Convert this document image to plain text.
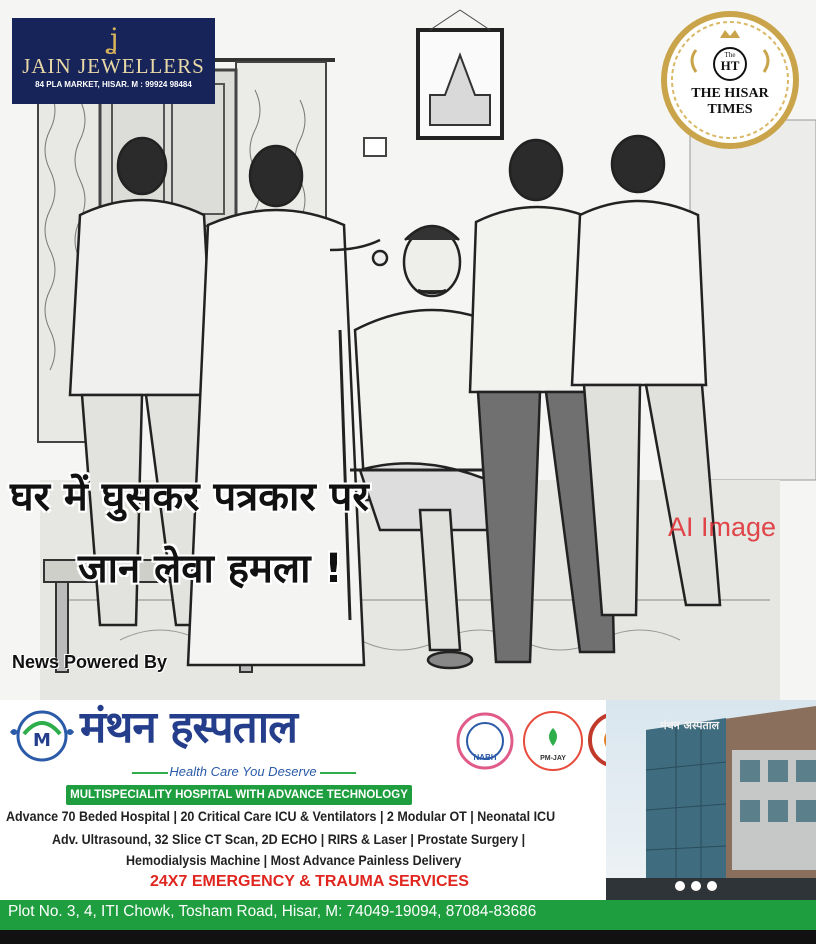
ʝ
JAIN JEWELLERS
84 PLA MARKET, HISAR. M : 99924 98484
The
HT
THE HISAR TIMES
घर में घुसकर पत्रकार पर
जान लेवा हमला !
AI Image
News Powered By
M मंथन हस्पताल
Health Care You Deserve
MULTISPECIALITY HOSPITAL WITH ADVANCE TECHNOLOGY
NABH	PM-JAY
मंथन अस्पताल
Advance 70 Beded Hospital | 20 Critical Care ICU & Ventilators | 2 Modular OT | Neonatal ICU
Adv. Ultrasound, 32 Slice CT Scan, 2D ECHO | RIRS & Laser | Prostate Surgery |
Hemodialysis Machine | Most Advance Painless Delivery
24X7 EMERGENCY & TRAUMA SERVICES
Plot No. 3, 4, ITI Chowk, Tosham Road, Hisar, M: 74049-19094, 87084-83686
